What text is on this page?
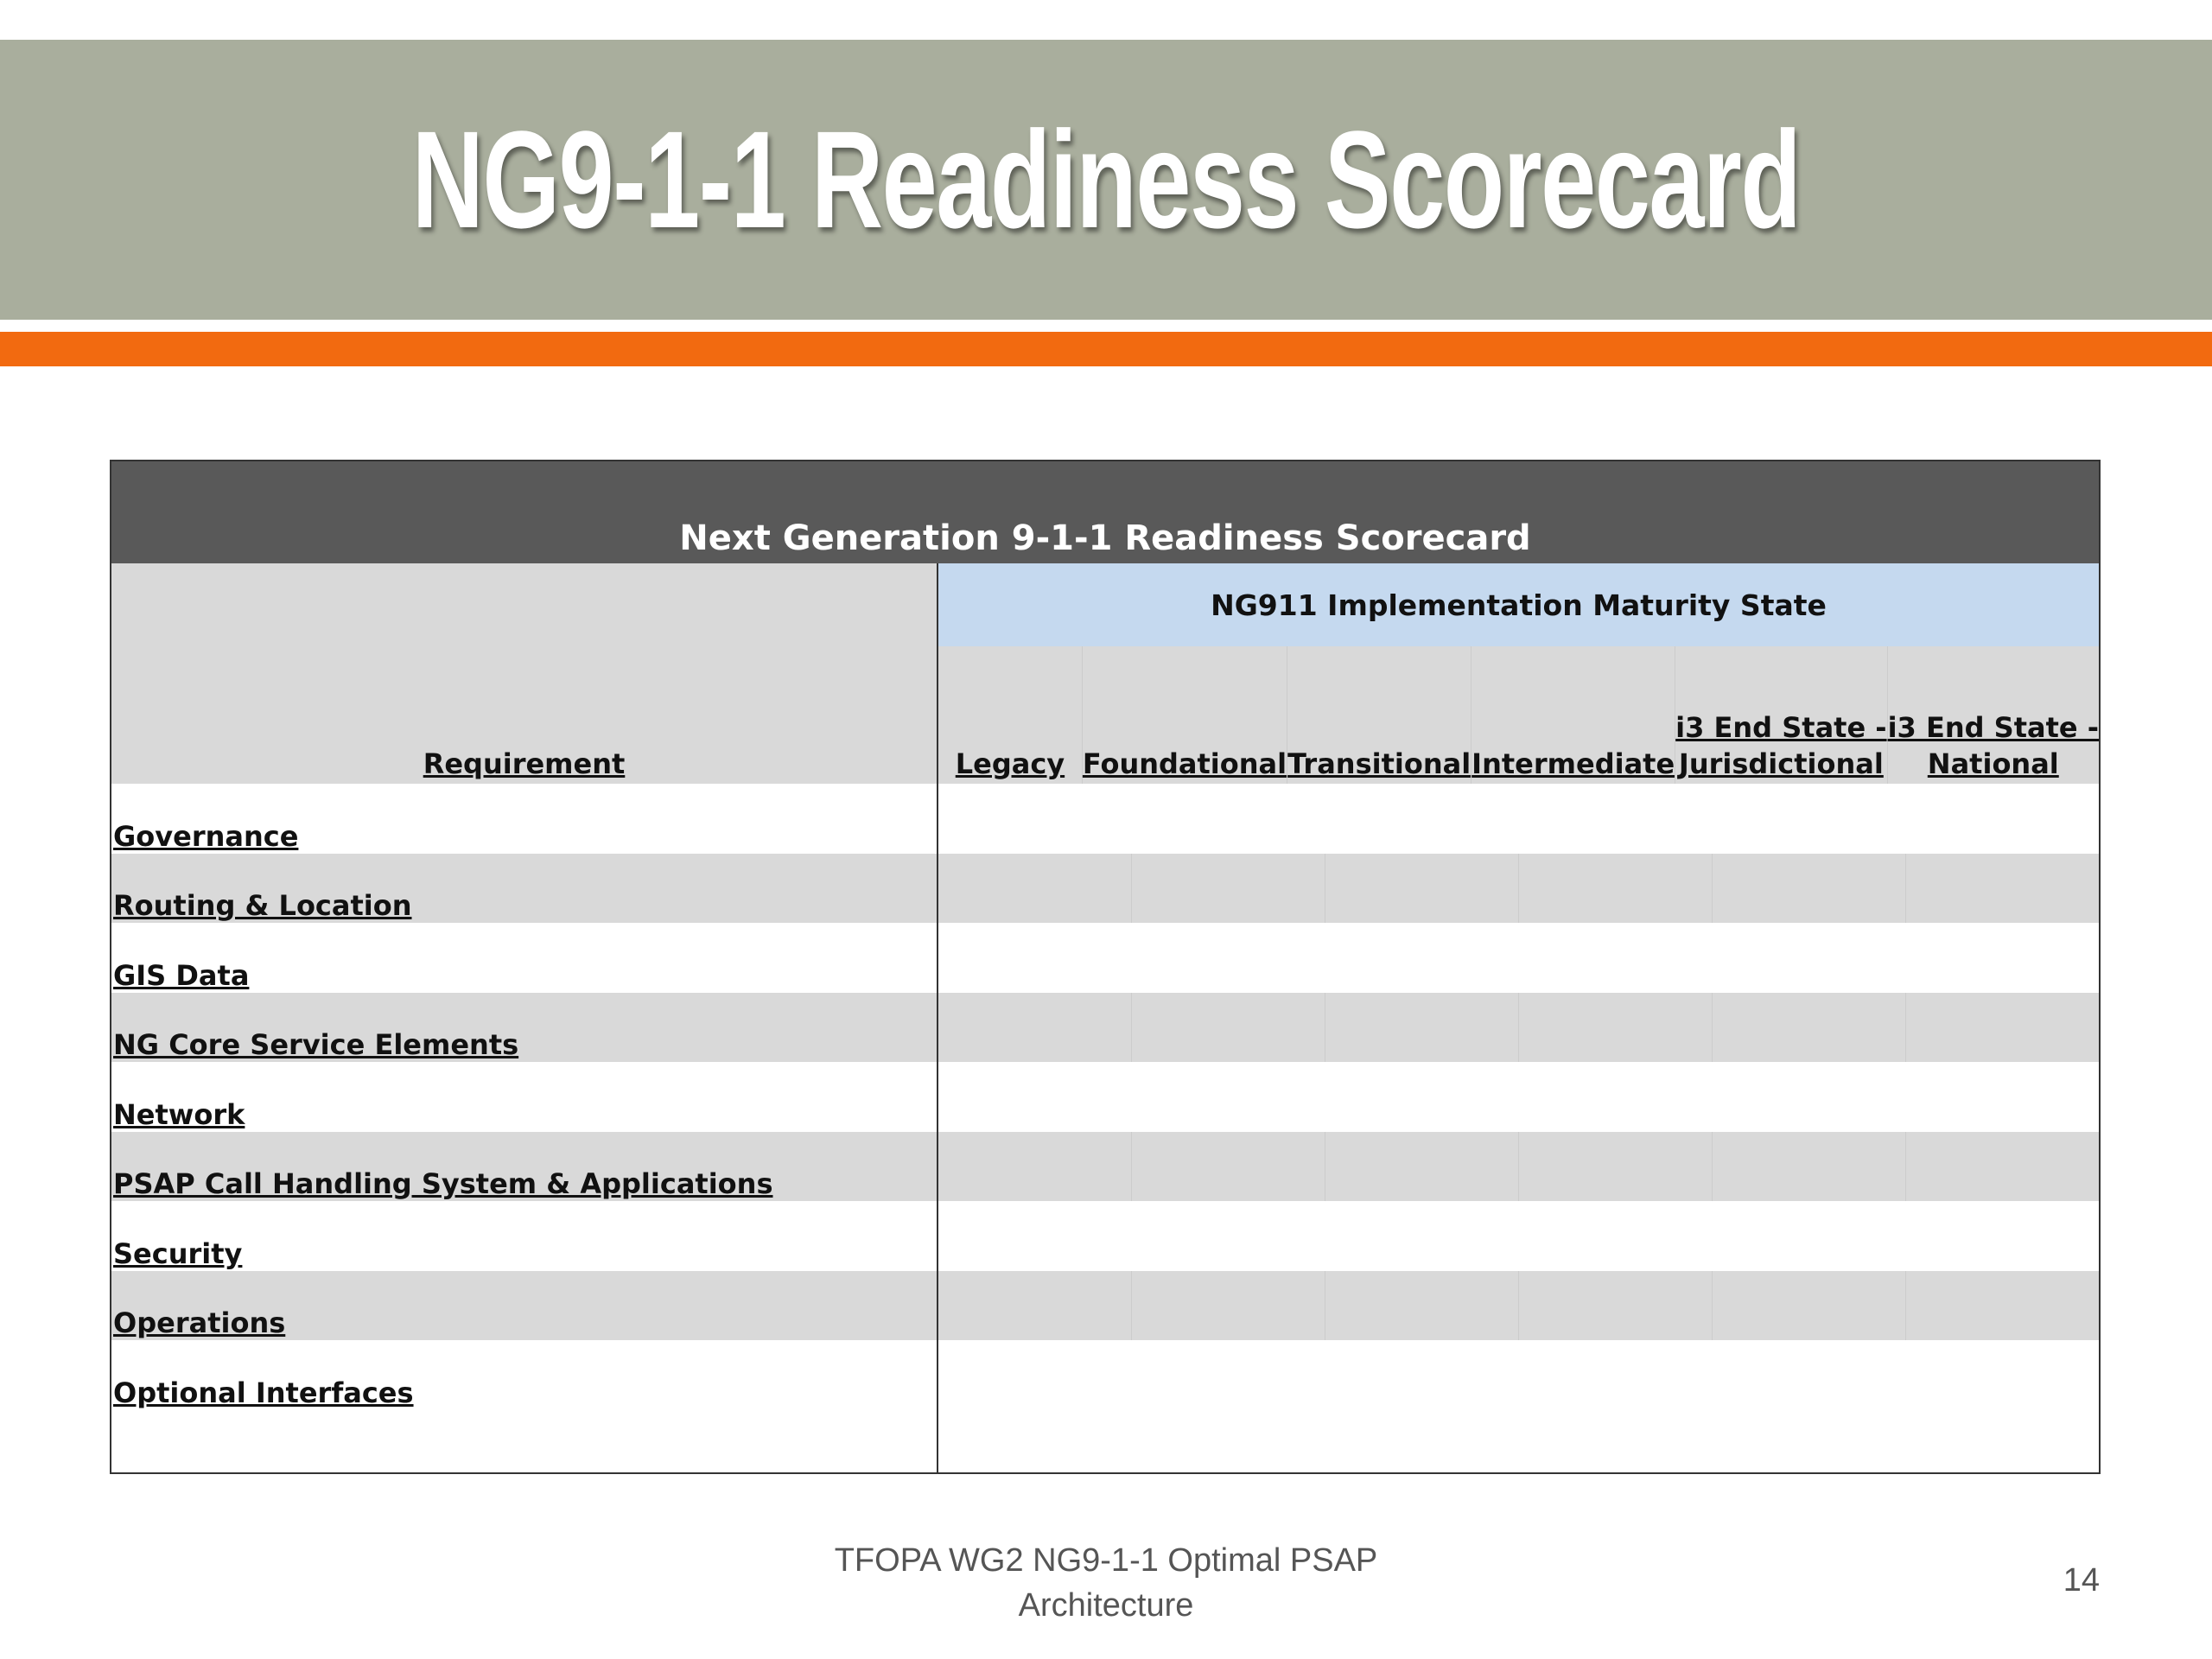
NG9-1-1 Readiness Scorecard
Next Generation 9-1-1 Readiness Scorecard
Requirement
NG911 Implementation Maturity State
Legacy Foundational Transitional Intermediate
i3 End State -
Jurisdictional
i3 End State -
National
Governance
Routing & Location
GIS Data
NG Core Service Elements
Network
PSAP Call Handling System & Applications
Security
Operations
Optional Interfaces
TFOPA WG2 NG9-1-1 Optimal PSAP Architecture
14
